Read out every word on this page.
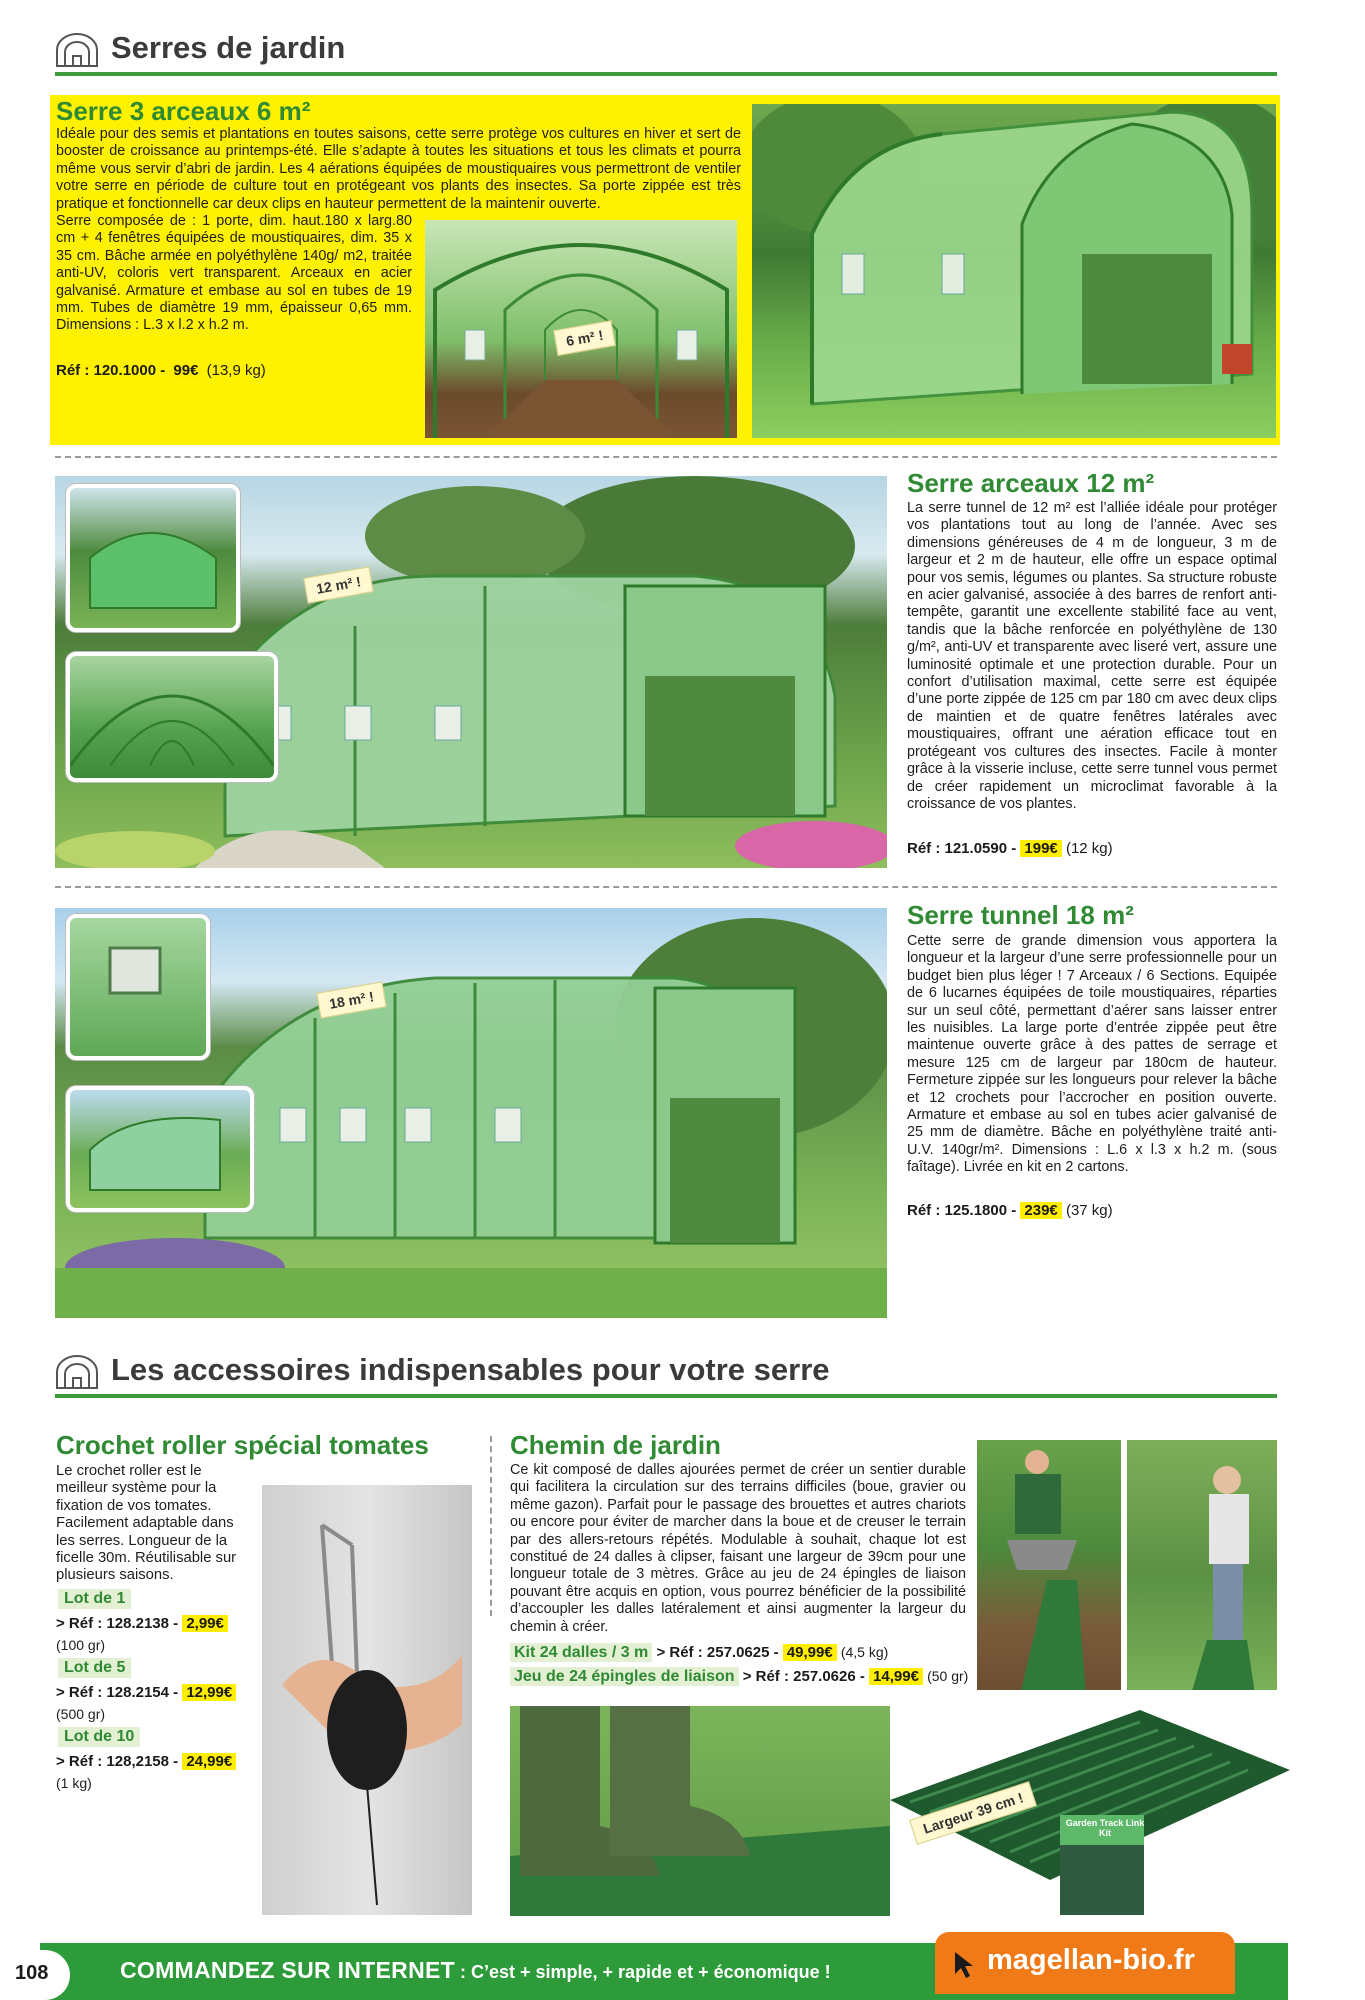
Serres de jardin
Serre 3 arceaux 6 m²
Idéale pour des semis et plantations en toutes saisons, cette serre protège vos cultures en hiver et sert de booster de croissance au printemps-été. Elle s’adapte à toutes les situations et tous les climats et pourra même vous servir d’abri de jardin. Les 4 aérations équipées de moustiquaires vous permettront de ventiler votre serre en période de culture tout en protégeant vos plants des insectes. Sa porte zippée est très pratique et fonctionnelle car deux clips en hauteur permettent de la maintenir ouverte.
Serre composée de : 1 porte, dim. haut.180 x larg.80 cm + 4 fenêtres équipées de moustiquaires, dim. 35 x 35 cm. Bâche armée en polyéthylène 140g/ m2, traitée anti-UV, coloris vert transparent. Arceaux en acier galvanisé. Armature et embase au sol en tubes de 19 mm. Tubes de diamètre 19 mm, épaisseur 0,65 mm. Dimensions : L.3 x l.2 x h.2 m.
Réf : 120.1000 - 99€ (13,9 kg)
6 m² !
12 m² !
Serre arceaux 12 m²
La serre tunnel de 12 m² est l’alliée idéale pour protéger vos plantations tout au long de l’année. Avec ses dimensions généreuses de 4 m de longueur, 3 m de largeur et 2 m de hauteur, elle offre un espace optimal pour vos semis, légumes ou plantes. Sa structure robuste en acier galvanisé, associée à des barres de renfort anti-tempête, garantit une excellente stabilité face au vent, tandis que la bâche renforcée en polyéthylène de 130 g/m², anti-UV et transparente avec liseré vert, assure une luminosité optimale et une protection durable. Pour un confort d’utilisation maximal, cette serre est équipée d’une porte zippée de 125 cm par 180 cm avec deux clips de maintien et de quatre fenêtres latérales avec moustiquaires, offrant une aération efficace tout en protégeant vos cultures des insectes. Facile à monter grâce à la visserie incluse, cette serre tunnel vous permet de créer rapidement un microclimat favorable à la croissance de vos plantes.
Réf : 121.0590 - 199€ (12 kg)
18 m² !
Serre tunnel 18 m²
Cette serre de grande dimension vous apportera la longueur et la largeur d’une serre professionnelle pour un budget bien plus léger ! 7 Arceaux / 6 Sections. Equipée de 6 lucarnes équipées de toile moustiquaires, réparties sur un seul côté, permettant d’aérer sans laisser entrer les nuisibles. La large porte d’entrée zippée peut être maintenue ouverte grâce à des pattes de serrage et mesure 125 cm de largeur par 180cm de hauteur. Fermeture zippée sur les longueurs pour relever la bâche et 12 crochets pour l’accrocher en position ouverte. Armature et embase au sol en tubes acier galvanisé de 25 mm de diamètre. Bâche en polyéthylène traité anti-U.V. 140gr/m². Dimensions : L.6 x l.3 x h.2 m. (sous faîtage). Livrée en kit en 2 cartons.
Réf : 125.1800 - 239€ (37 kg)
Les accessoires indispensables pour votre serre
Crochet roller spécial tomates
Le crochet roller est le meilleur système pour la fixation de vos tomates. Facilement adaptable dans les serres. Longueur de la ficelle 30m. Réutilisable sur plusieurs saisons.
Lot de 1
> Réf : 128.2138 - 2,99€
(100 gr)
Lot de 5
> Réf : 128.2154 - 12,99€
(500 gr)
Lot de 10
> Réf : 128,2158 - 24,99€
(1 kg)
Chemin de jardin
Ce kit composé de dalles ajourées permet de créer un sentier durable qui facilitera la circulation sur des terrains difficiles (boue, gravier ou même gazon). Parfait pour le passage des brouettes et autres chariots ou encore pour éviter de marcher dans la boue et de creuser le terrain par des allers-retours répétés. Modulable à souhait, chaque lot est constitué de 24 dalles à clipser, faisant une largeur de 39cm pour une longueur totale de 3 mètres. Grâce au jeu de 24 épingles de liaison pouvant être acquis en option, vous pourrez bénéficier de la possibilité d’accoupler les dalles latéralement et ainsi augmenter la largeur du chemin à créer.
Kit 24 dalles / 3 m > Réf : 257.0625 - 49,99€ (4,5 kg)
Jeu de 24 épingles de liaison > Réf : 257.0626 - 14,99€ (50 gr)
Largeur 39 cm !	Garden Track Link Kit
108	COMMANDEZ SUR INTERNET : C’est + simple, + rapide et + économique !	magellan-bio.fr
